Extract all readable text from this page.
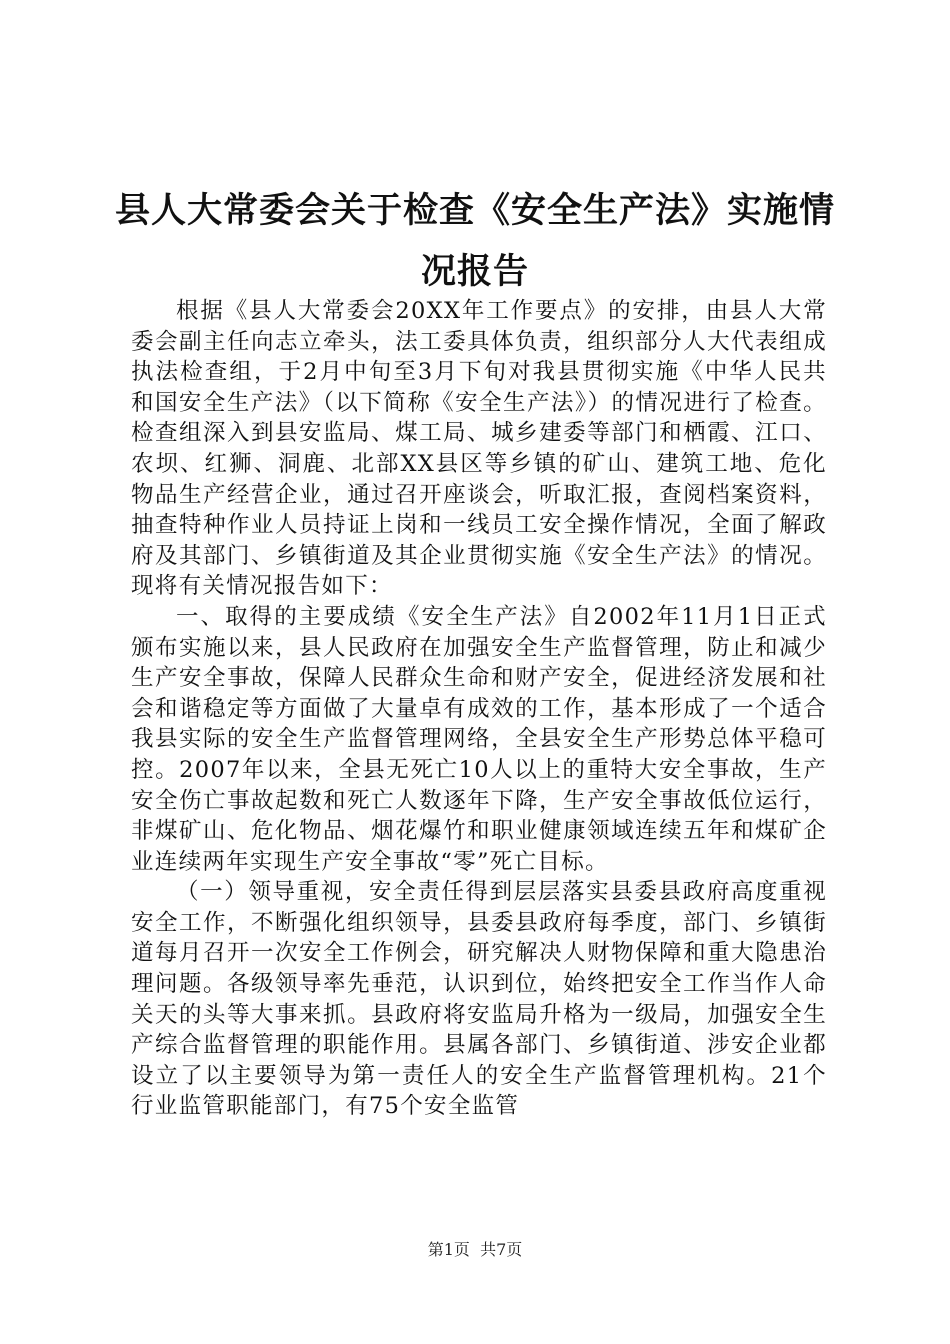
县人大常委会关于检查《安全生产法》实施情况报告

根据《县人大常委会20XX年工作要点》的安排，由县人大常委会副主任向志立牵头，法工委具体负责，组织部分人大代表组成执法检查组，于2月中旬至3月下旬对我县贯彻实施《中华人民共和国安全生产法》（以下简称《安全生产法》）的情况进行了检查。检查组深入到县安监局、煤工局、城乡建委等部门和栖霞、江口、农坝、红狮、洞鹿、北部XX县区等乡镇的矿山、建筑工地、危化物品生产经营企业，通过召开座谈会，听取汇报，查阅档案资料，抽查特种作业人员持证上岗和一线员工安全操作情况，全面了解政府及其部门、乡镇街道及其企业贯彻实施《安全生产法》的情况。现将有关情况报告如下：

一、取得的主要成绩《安全生产法》自2002年11月1日正式颁布实施以来，县人民政府在加强安全生产监督管理，防止和减少生产安全事故，保障人民群众生命和财产安全，促进经济发展和社会和谐稳定等方面做了大量卓有成效的工作，基本形成了一个适合我县实际的安全生产监督管理网络，全县安全生产形势总体平稳可控。2007年以来，全县无死亡10人以上的重特大安全事故，生产安全伤亡事故起数和死亡人数逐年下降，生产安全事故低位运行，非煤矿山、危化物品、烟花爆竹和职业健康领域连续五年和煤矿企业连续两年实现生产安全事故“零”死亡目标。

（一）领导重视，安全责任得到层层落实县委县政府高度重视安全工作，不断强化组织领导，县委县政府每季度，部门、乡镇街道每月召开一次安全工作例会，研究解决人财物保障和重大隐患治理问题。各级领导率先垂范，认识到位，始终把安全工作当作人命关天的头等大事来抓。县政府将安监局升格为一级局，加强安全生产综合监督管理的职能作用。县属各部门、乡镇街道、涉安企业都设立了以主要领导为第一责任人的安全生产监督管理机构。21个行业监管职能部门，有75个安全监管

第1页 共7页
